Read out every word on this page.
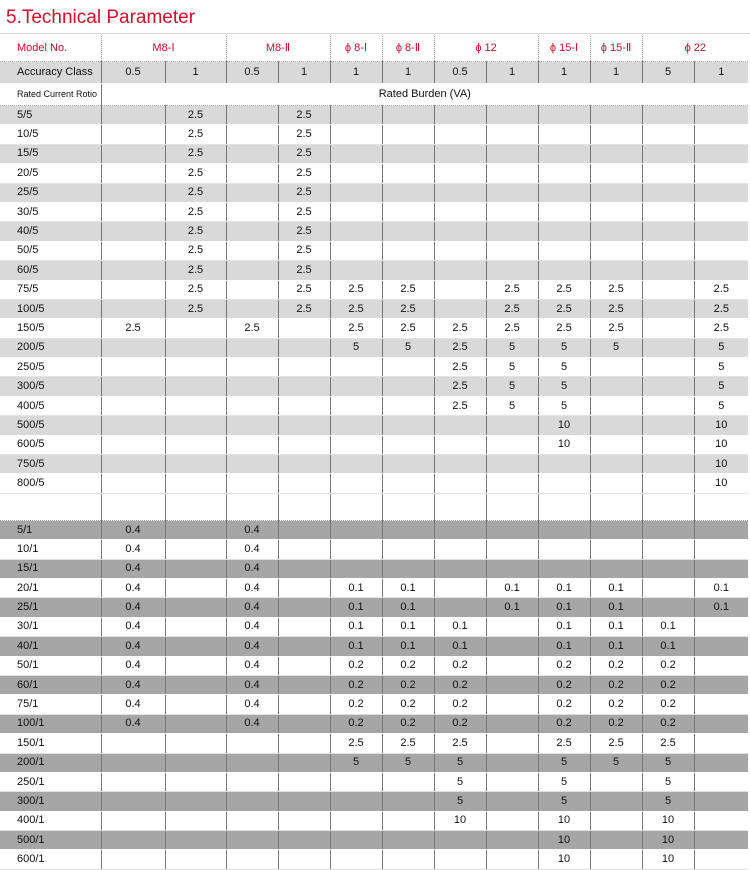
5.Technical Parameter
Model No.	M8-Ⅰ		M8-Ⅱ		ϕ 8-Ⅰ	ϕ 8-Ⅱ	ϕ 12		ϕ 15-Ⅰ	ϕ 15-Ⅱ	ϕ 22	
Accuracy Class	0.5	1	0.5	1	1	1	0.5	1	1	1	5	1
Rated Current Rotio	Rated Burden (VA)											
5/5		2.5		2.5								
10/5		2.5		2.5								
15/5		2.5		2.5								
20/5		2.5		2.5								
25/5		2.5		2.5								
30/5		2.5		2.5								
40/5		2.5		2.5								
50/5		2.5		2.5								
60/5		2.5		2.5								
75/5		2.5		2.5	2.5	2.5		2.5	2.5	2.5		2.5
100/5		2.5		2.5	2.5	2.5		2.5	2.5	2.5		2.5
150/5	2.5		2.5		2.5	2.5	2.5	2.5	2.5	2.5		2.5
200/5					5	5	2.5	5	5	5		5
250/5							2.5	5	5			5
300/5							2.5	5	5			5
400/5							2.5	5	5			5
500/5									10			10
600/5									10			10
750/5												10
800/5												10

5/1	0.4		0.4									
10/1	0.4		0.4									
15/1	0.4		0.4									
20/1	0.4		0.4		0.1	0.1		0.1	0.1	0.1		0.1
25/1	0.4		0.4		0.1	0.1		0.1	0.1	0.1		0.1
30/1	0.4		0.4		0.1	0.1	0.1		0.1	0.1	0.1	
40/1	0.4		0.4		0.1	0.1	0.1		0.1	0.1	0.1	
50/1	0.4		0.4		0.2	0.2	0.2		0.2	0.2	0.2	
60/1	0.4		0.4		0.2	0.2	0.2		0.2	0.2	0.2	
75/1	0.4		0.4		0.2	0.2	0.2		0.2	0.2	0.2	
100/1	0.4		0.4		0.2	0.2	0.2		0.2	0.2	0.2	
150/1					2.5	2.5	2.5		2.5	2.5	2.5	
200/1					5	5	5		5	5	5	
250/1							5		5		5	
300/1							5		5		5	
400/1							10		10		10	
500/1									10		10	
600/1									10		10	
